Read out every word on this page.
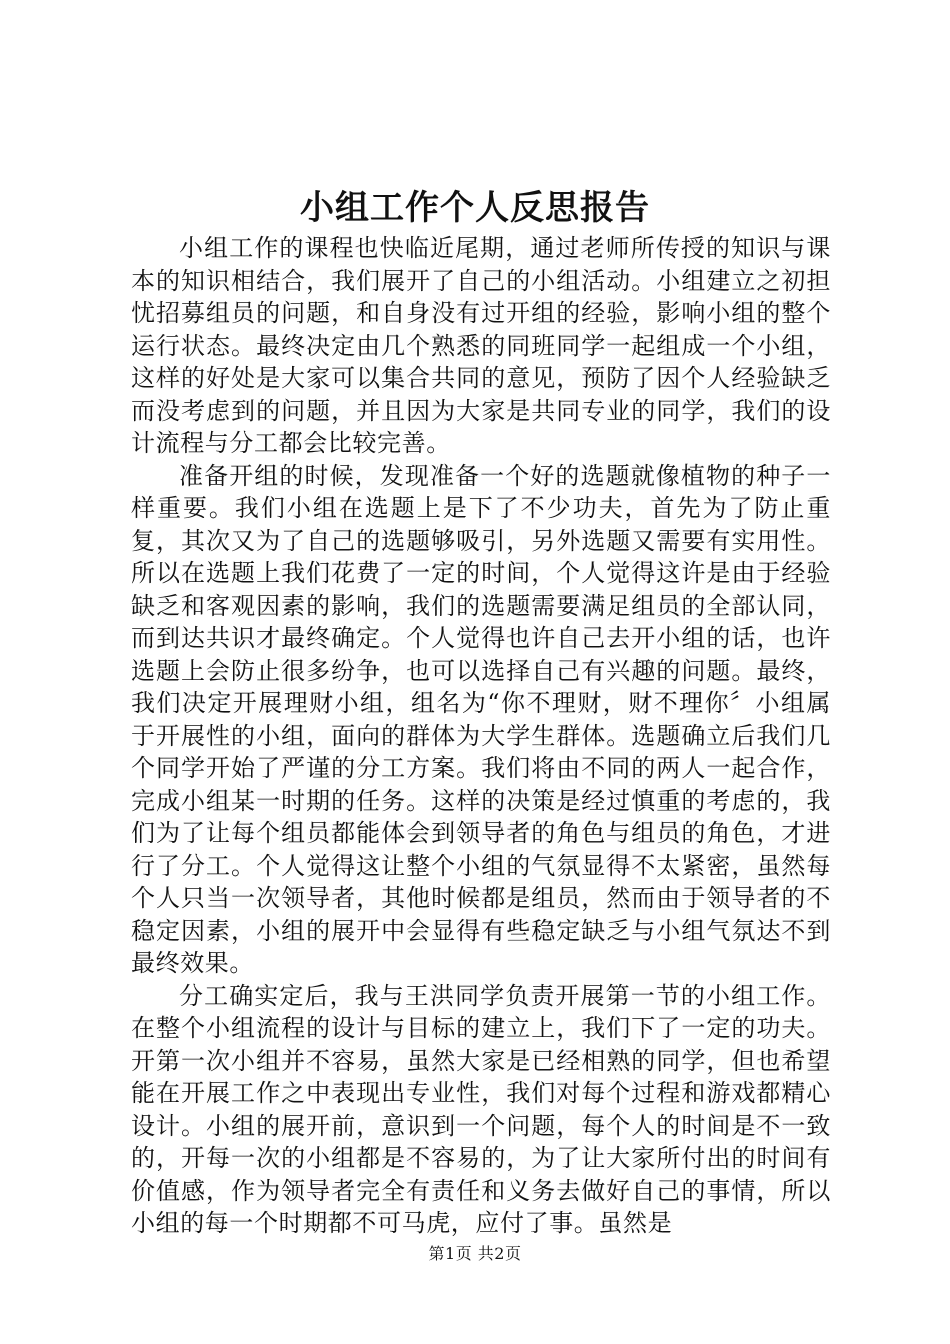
小组工作个人反思报告

小组工作的课程也快临近尾期，通过老师所传授的知识与课本的知识相结合，我们展开了自己的小组活动。小组建立之初担忧招募组员的问题，和自身没有过开组的经验，影响小组的整个运行状态。最终决定由几个熟悉的同班同学一起组成一个小组，这样的好处是大家可以集合共同的意见，预防了因个人经验缺乏而没考虑到的问题，并且因为大家是共同专业的同学，我们的设计流程与分工都会比较完善。

准备开组的时候，发现准备一个好的选题就像植物的种子一样重要。我们小组在选题上是下了不少功夫，首先为了防止重复，其次又为了自己的选题够吸引，另外选题又需要有实用性。所以在选题上我们花费了一定的时间，个人觉得这许是由于经验缺乏和客观因素的影响，我们的选题需要满足组员的全部认同，而到达共识才最终确定。个人觉得也许自己去开小组的话，也许选题上会防止很多纷争，也可以选择自己有兴趣的问题。最终，我们决定开展理财小组，组名为“你不理财，财不理你〞小组属于开展性的小组，面向的群体为大学生群体。选题确立后我们几个同学开始了严谨的分工方案。我们将由不同的两人一起合作，完成小组某一时期的任务。这样的决策是经过慎重的考虑的，我们为了让每个组员都能体会到领导者的角色与组员的角色，才进行了分工。个人觉得这让整个小组的气氛显得不太紧密，虽然每个人只当一次领导者，其他时候都是组员，然而由于领导者的不稳定因素，小组的展开中会显得有些稳定缺乏与小组气氛达不到最终效果。

分工确实定后，我与王洪同学负责开展第一节的小组工作。在整个小组流程的设计与目标的建立上，我们下了一定的功夫。开第一次小组并不容易，虽然大家是已经相熟的同学，但也希望能在开展工作之中表现出专业性，我们对每个过程和游戏都精心设计。小组的展开前，意识到一个问题，每个人的时间是不一致的，开每一次的小组都是不容易的，为了让大家所付出的时间有价值感，作为领导者完全有责任和义务去做好自己的事情，所以小组的每一个时期都不可马虎，应付了事。虽然是

第1页 共2页
